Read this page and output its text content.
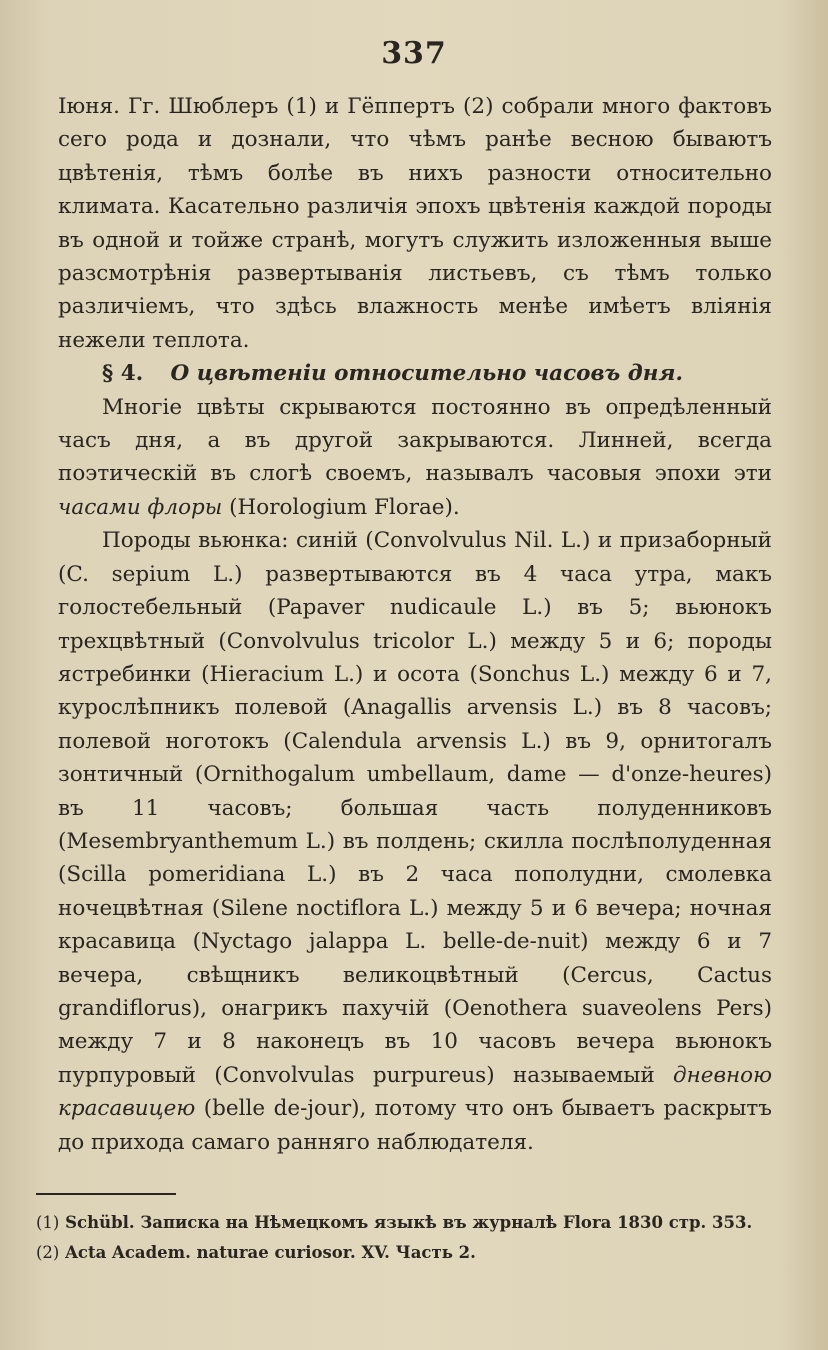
337

Іюня. Гг. Шюблеръ (1) и Гёппертъ (2) собрали много фактовъ сего рода и дознали, что чѣмъ ранѣе весною бываютъ цвѣтенія, тѣмъ болѣе въ нихъ разности относительно климата. Касательно различія эпохъ цвѣтенія каждой породы въ одной и тойже странѣ, могутъ служить изложенныя выше разсмотрѣнія развертыванія листьевъ, съ тѣмъ только различіемъ, что здѣсь влажность менѣе имѣетъ вліянія нежели теплота.

§ 4. О цвѣтеніи относительно часовъ дня.

Многіе цвѣты скрываются постоянно въ опредѣленный часъ дня, а въ другой закрываются. Линней, всегда поэтическій въ слогѣ своемъ, называлъ часовыя эпохи эти часами флоры (Horologium Florae).

Породы вьюнка: синій (Convolvulus Nil. L.) и призаборный (C. sepium L.) развертываются въ 4 часа утра, макъ голостебельный (Papaver nudicaule L.) въ 5; вьюнокъ трехцвѣтный (Convolvulus tricolor L.) между 5 и 6; породы ястребинки (Hieracium L.) и осота (Sonchus L.) между 6 и 7, курослѣпникъ полевой (Anagallis arvensis L.) въ 8 часовъ; полевой ноготокъ (Calendula arvensis L.) въ 9, орнитогалъ зонтичный (Ornithogalum umbellaum, dame — d'onze-heures) въ 11 часовъ; большая часть полуденниковъ (Mesembryanthemum L.) въ полдень; скилла послѣполуденная (Scilla pomeridiana L.) въ 2 часа пополудни, смолевка ночецвѣтная (Silene noctiflora L.) между 5 и 6 вечера; ночная красавица (Nyctago jalappa L. belle-de-nuit) между 6 и 7 вечера, свѣщникъ великоцвѣтный (Cercus, Cactus grandiflorus), онагрикъ пахучій (Oenothera suaveolens Pers) между 7 и 8 наконецъ въ 10 часовъ вечера вьюнокъ пурпуровый (Convolvulas purpureus) называемый дневною красавицею (belle de-jour), потому что онъ бываетъ раскрытъ до прихода самаго ранняго наблюдателя.

(1) Schübl. Записка на Нѣмецкомъ языкѣ въ журналѣ Flora 1830 стр. 353.

(2) Acta Academ. naturae curiosor. XV. Часть 2.
